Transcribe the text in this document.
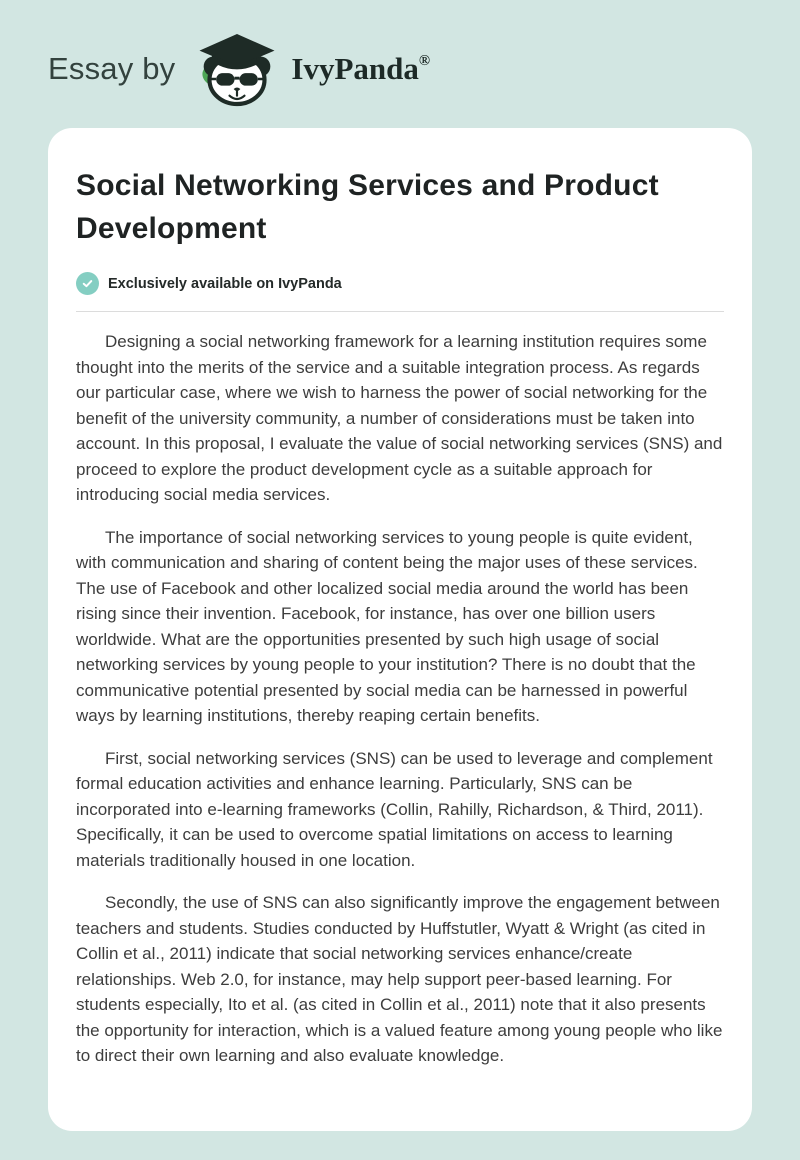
Essay by	IvyPanda®
Social Networking Services and Product Development
Exclusively available on IvyPanda

Designing a social networking framework for a learning institution requires some thought into the merits of the service and a suitable integration process. As regards our particular case, where we wish to harness the power of social networking for the benefit of the university community, a number of considerations must be taken into account. In this proposal, I evaluate the value of social networking services (SNS) and proceed to explore the product development cycle as a suitable approach for introducing social media services.

The importance of social networking services to young people is quite evident, with communication and sharing of content being the major uses of these services. The use of Facebook and other localized social media around the world has been rising since their invention. Facebook, for instance, has over one billion users worldwide. What are the opportunities presented by such high usage of social networking services by young people to your institution? There is no doubt that the communicative potential presented by social media can be harnessed in powerful ways by learning institutions, thereby reaping certain benefits.

First, social networking services (SNS) can be used to leverage and complement formal education activities and enhance learning. Particularly, SNS can be incorporated into e-learning frameworks (Collin, Rahilly, Richardson, & Third, 2011). Specifically, it can be used to overcome spatial limitations on access to learning materials traditionally housed in one location.

Secondly, the use of SNS can also significantly improve the engagement between teachers and students. Studies conducted by Huffstutler, Wyatt & Wright (as cited in Collin et al., 2011) indicate that social networking services enhance/create relationships. Web 2.0, for instance, may help support peer-based learning. For students especially, Ito et al. (as cited in Collin et al., 2011) note that it also presents the opportunity for interaction, which is a valued feature among young people who like to direct their own learning and also evaluate knowledge.
